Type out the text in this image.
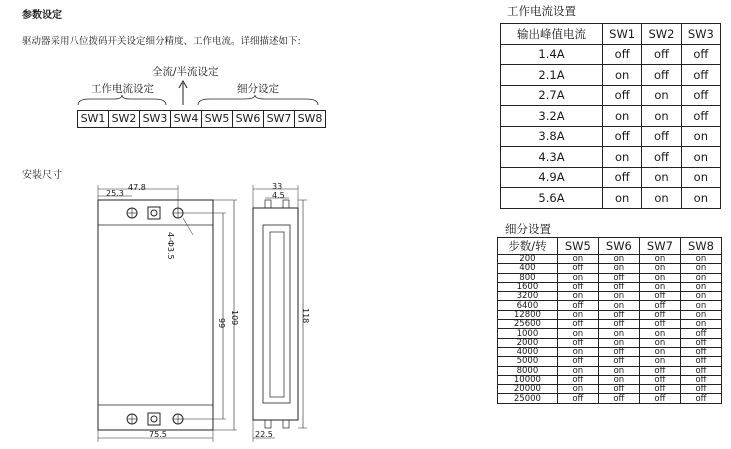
参数设定
驱动器采用八位拨码开关设定细分精度、工作电流。详细描述如下:
全流/半流设定
工作电流设定	细分设定
SW1 SW2 SW3 SW4 SW5 SW6 SW7 SW8
安装尺寸
47.8
25.3
4-Ф3.5
99 109
75.5
33
4.5
118
22.5
工作电流设置
输出峰值电流	SW1	SW2	SW3
1.4A	off	off	off
2.1A	on	off	off
2.7A	off	on	off
3.2A	on	on	off
3.8A	off	off	on
4.3A	on	off	on
4.9A	off	on	on
5.6A	on	on	on
细分设置
步数/转	SW5	SW6	SW7	SW8
200	on	on	on	on
400	off	on	on	on
800	on	off	on	on
1600	off	off	on	on
3200	on	on	off	on
6400	off	on	off	on
12800	on	off	off	on
25600	off	off	off	on
1000	on	on	on	off
2000	off	on	on	off
4000	on	off	on	off
5000	off	off	on	off
8000	on	on	off	off
10000	off	on	off	off
20000	on	off	off	off
25000	off	off	off	off
